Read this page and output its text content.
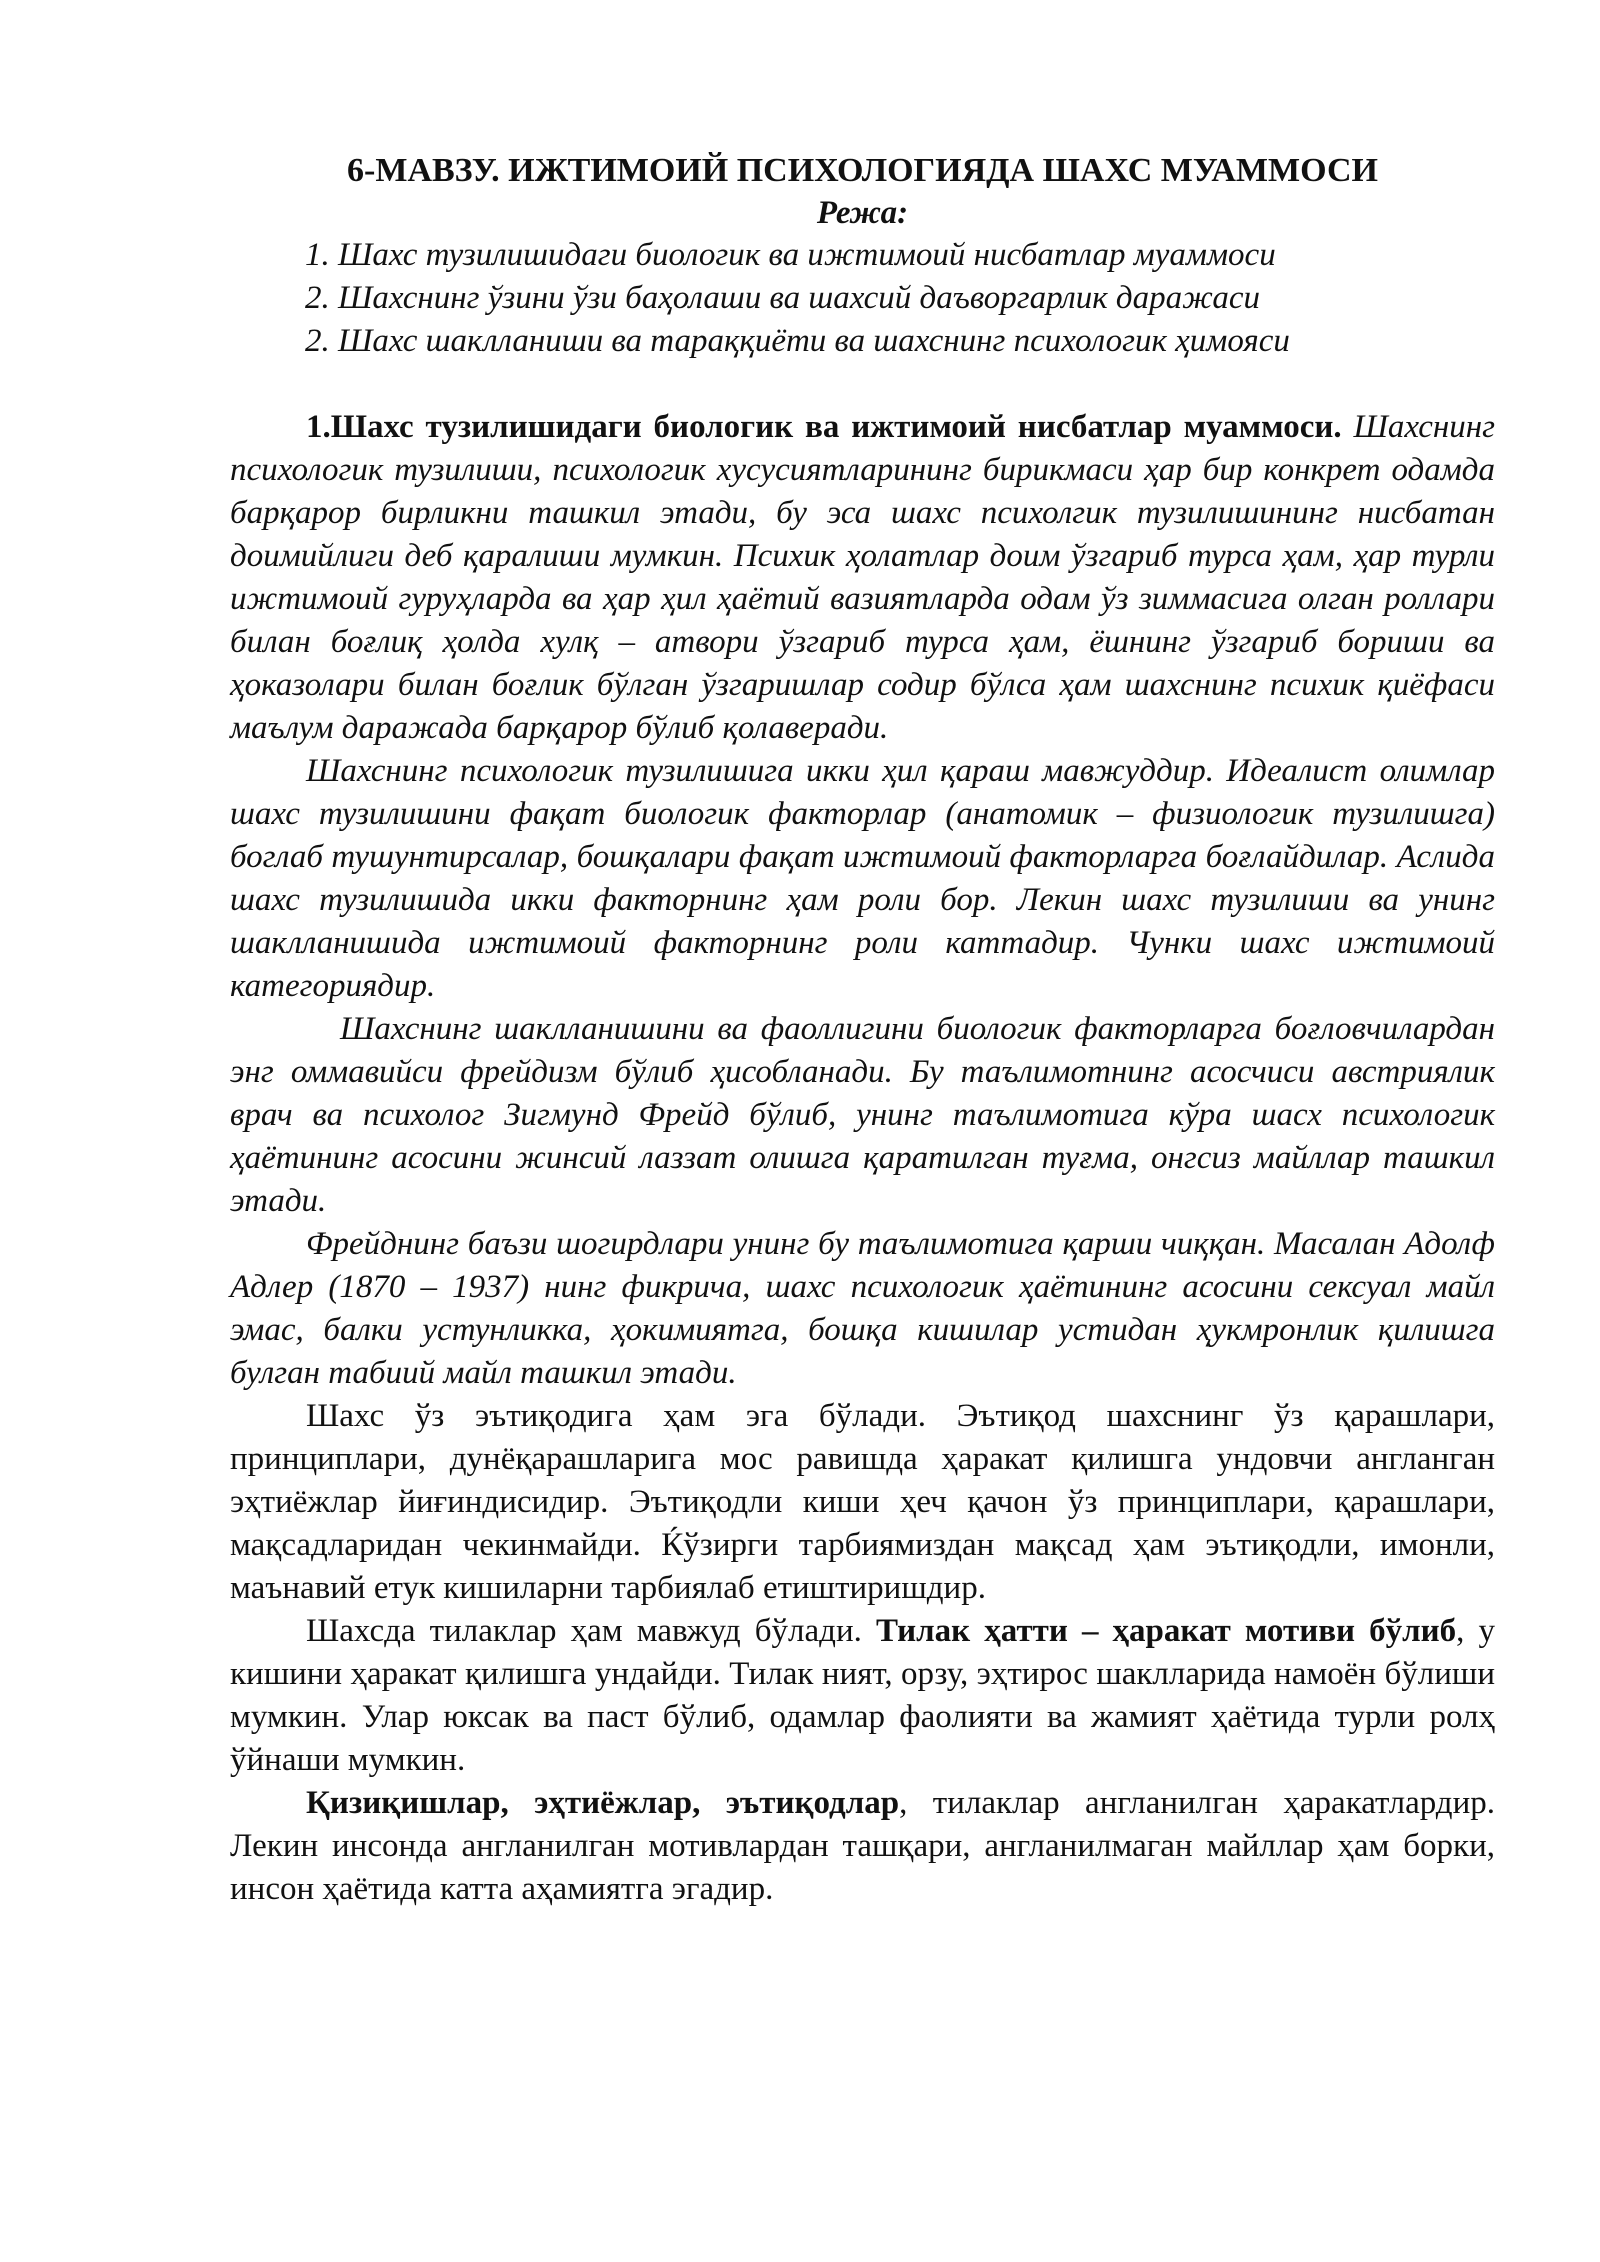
6-МАВЗУ. ИЖТИМОИЙ ПСИХОЛОГИЯДА ШАХС МУАММОСИ
Режа:
1. Шахс тузилишидаги биологик ва ижтимоий нисбатлар муаммоси
2. Шахснинг ўзини ўзи баҳолаши ва шахсий даъворгарлик даражаси
2. Шахс шаклланиши ва тараққиёти ва шахснинг психологик ҳимояси

1.Шахс тузилишидаги биологик ва ижтимоий нисбатлар муаммоси. Шахснинг психологик тузилиши, психологик хусусиятларининг бирикмаси ҳар бир конкрет одамда барқарор бирликни ташкил этади, бу эса шахс психолгик тузилишининг нисбатан доимийлиги деб қаралиши мумкин. Психик ҳолатлар доим ўзгариб турса ҳам, ҳар турли ижтимоий гуруҳларда ва ҳар ҳил ҳаётий вазиятларда одам ўз зиммасига олган роллари билан боғлиқ ҳолда хулқ – атвори ўзгариб турса ҳам, ёшнинг ўзгариб бориши ва ҳоказолари билан боғлик бўлган ўзгаришлар содир бўлса ҳам шахснинг психик қиёфаси маълум даражада барқарор бўлиб қолаверади.

Шахснинг психологик тузилишига икки ҳил қараш мавжуддир. Идеалист олимлар шахс тузилишини фақат биологик факторлар (анатомик – физиологик тузилишга) боглаб тушунтирсалар, бошқалари фақат ижтимоий факторларга боғлайдилар. Аслида шахс тузилишида икки факторнинг ҳам роли бор. Лекин шахс тузилиши ва унинг шаклланишида ижтимоий факторнинг роли каттадир. Чунки шахс ижтимоий категориядир.

Шахснинг шаклланишини ва фаоллигини биологик факторларга боғловчилардан энг оммавийси фрейдизм бўлиб ҳисобланади. Бу таълимотнинг асосчиси австриялик врач ва психолог Зигмунд Фрейд бўлиб, унинг таълимотига кўра шасх психологик ҳаётининг асосини жинсий лаззат олишга қаратилган туғма, онгсиз майллар ташкил этади.

Фрейднинг баъзи шогирдлари унинг бу таълимотига қарши чиққан. Масалан Адолф Адлер (1870 – 1937) нинг фикрича, шахс психологик ҳаётининг асосини сексуал майл эмас, балки устунликка, ҳокимиятга, бошқа кишилар устидан ҳукмронлик қилишга булган табиий майл ташкил этади.

Шахс ўз эътиқодига ҳам эга бўлади. Эътиқод шахснинг ўз қарашлари, принциплари, дунёқарашларига мос равишда ҳаракат қилишга ундовчи англанган эҳтиёжлар йиғиндисидир. Эътиқодли киши ҳеч қачон ўз принциплари, қарашлари, мақсадларидан чекинмайди. Ќўзирги тарбиямиздан мақсад ҳам эътиқодли, имонли, маънавий етук кишиларни тарбиялаб етиштиришдир.

Шахсда тилаклар ҳам мавжуд бўлади. Тилак ҳатти – ҳаракат мотиви бўлиб, у кишини ҳаракат қилишга ундайди. Тилак ният, орзу, эҳтирос шаклларида намоён бўлиши мумкин. Улар юксак ва паст бўлиб, одамлар фаолияти ва жамият ҳаётида турли ролҳ ўйнаши мумкин.

Қизиқишлар, эҳтиёжлар, эътиқодлар, тилаклар англанилган ҳаракатлардир. Лекин инсонда англанилган мотивлардан ташқари, англанилмаган майллар ҳам борки, инсон ҳаётида катта аҳамиятга эгадир.
